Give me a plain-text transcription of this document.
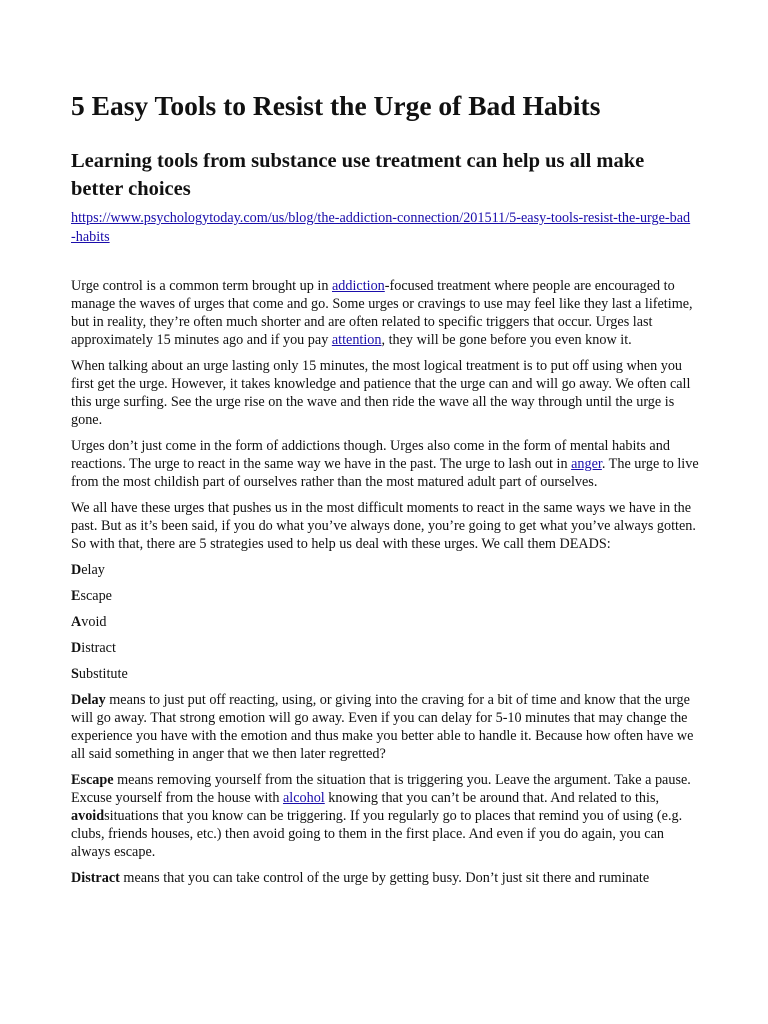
5 Easy Tools to Resist the Urge of Bad Habits
Learning tools from substance use treatment can help us all make better choices
https://www.psychologytoday.com/us/blog/the-addiction-connection/201511/5-easy-tools-resist-the-urge-bad-habits

Urge control is a common term brought up in addiction-focused treatment where people are encouraged to manage the waves of urges that come and go. Some urges or cravings to use may feel like they last a lifetime, but in reality, they’re often much shorter and are often related to specific triggers that occur. Urges last approximately 15 minutes ago and if you pay attention, they will be gone before you even know it.

When talking about an urge lasting only 15 minutes, the most logical treatment is to put off using when you first get the urge. However, it takes knowledge and patience that the urge can and will go away. We often call this urge surfing. See the urge rise on the wave and then ride the wave all the way through until the urge is gone.

Urges don’t just come in the form of addictions though. Urges also come in the form of mental habits and reactions. The urge to react in the same way we have in the past. The urge to lash out in anger. The urge to live from the most childish part of ourselves rather than the most matured adult part of ourselves.

We all have these urges that pushes us in the most difficult moments to react in the same ways we have in the past. But as it’s been said, if you do what you’ve always done, you’re going to get what you’ve always gotten. So with that, there are 5 strategies used to help us deal with these urges. We call them DEADS:

Delay

Escape

Avoid

Distract

Substitute

Delay means to just put off reacting, using, or giving into the craving for a bit of time and know that the urge will go away. That strong emotion will go away. Even if you can delay for 5-10 minutes that may change the experience you have with the emotion and thus make you better able to handle it. Because how often have we all said something in anger that we then later regretted?

Escape means removing yourself from the situation that is triggering you. Leave the argument. Take a pause. Excuse yourself from the house with alcohol knowing that you can’t be around that. And related to this, avoidsituations that you know can be triggering. If you regularly go to places that remind you of using (e.g. clubs, friends houses, etc.) then avoid going to them in the first place. And even if you do again, you can always escape.

Distract means that you can take control of the urge by getting busy. Don’t just sit there and ruminate
